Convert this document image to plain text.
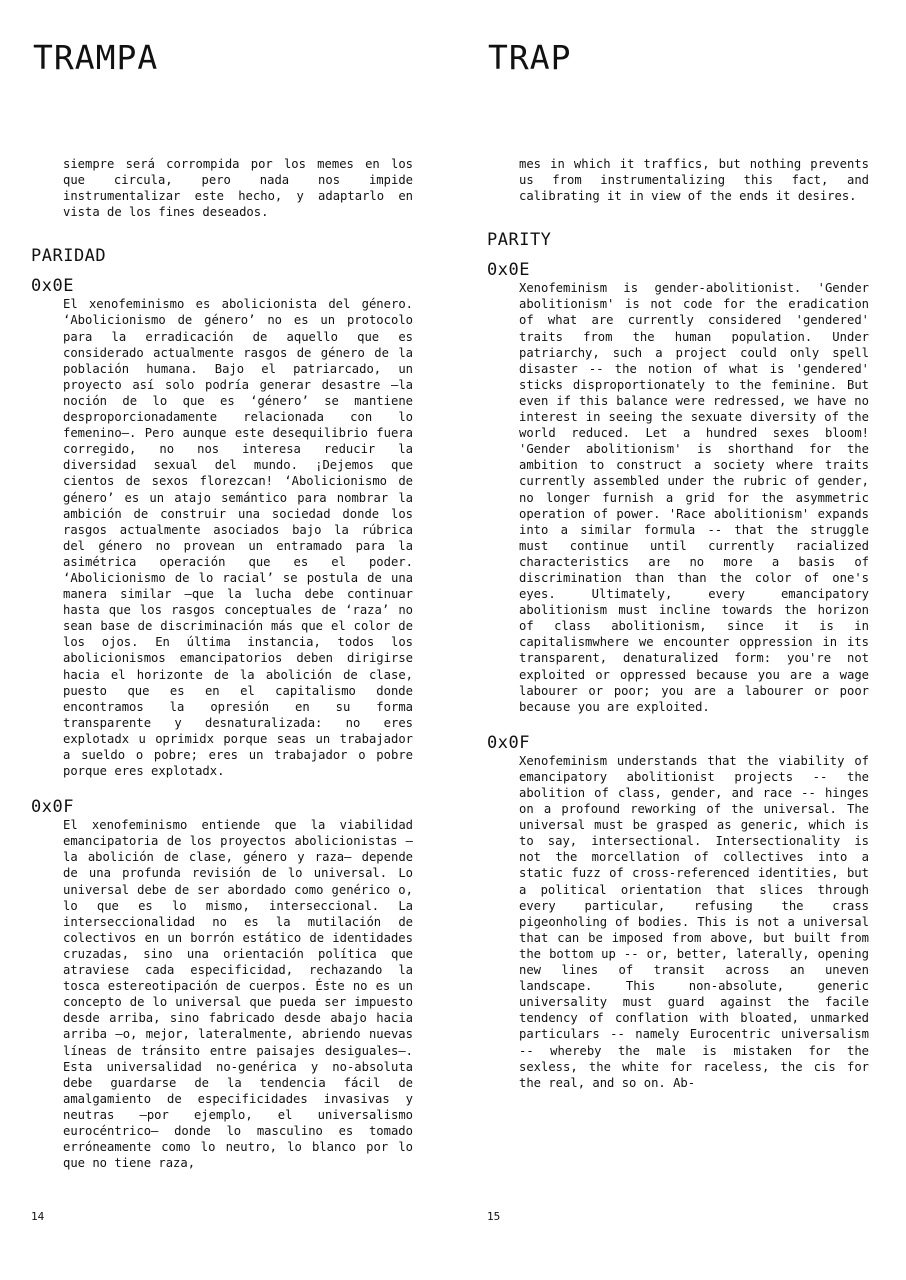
TRAMPA	TRAP

siempre será corrompida por los memes en los que circula, pero nada nos impide instrumentalizar este hecho, y adaptarlo en vista de los fines deseados.

PARIDAD
0x0E

El xenofeminismo es abolicionista del género. ‘Abolicionismo de género’ no es un protocolo para la erradicación de aquello que es considerado actualmente rasgos de género de la población humana. Bajo el patriarcado, un proyecto así solo podría generar desastre —la noción de lo que es ‘género’ se mantiene desproporcionadamente relacionada con lo femenino—. Pero aunque este desequilibrio fuera corregido, no nos interesa reducir la diversidad sexual del mundo. ¡Dejemos que cientos de sexos florezcan! ‘Abolicionismo de género’ es un atajo semántico para nombrar la ambición de construir una sociedad donde los rasgos actualmente asociados bajo la rúbrica del género no provean un entramado para la asimétrica operación que es el poder. ‘Abolicionismo de lo racial’ se postula de una manera similar —que la lucha debe continuar hasta que los rasgos conceptuales de ‘raza’ no sean base de discriminación más que el color de los ojos. En última instancia, todos los abolicionismos emancipatorios deben dirigirse hacia el horizonte de la abolición de clase, puesto que es en el capitalismo donde encontramos la opresión en su forma transparente y desnaturalizada: no eres explotadx u oprimidx porque seas un trabajador a sueldo o pobre; eres un trabajador o pobre porque eres explotadx.

0x0F

El xenofeminismo entiende que la viabilidad emancipatoria de los proyectos abolicionistas —la abolición de clase, género y raza— depende de una profunda revisión de lo universal. Lo universal debe de ser abordado como genérico o, lo que es lo mismo, interseccional. La interseccionalidad no es la mutilación de colectivos en un borrón estático de identidades cruzadas, sino una orientación política que atraviese cada especificidad, rechazando la tosca estereotipación de cuerpos. Éste no es un concepto de lo universal que pueda ser impuesto desde arriba, sino fabricado desde abajo hacia arriba —o, mejor, lateralmente, abriendo nuevas líneas de tránsito entre paisajes desiguales—. Esta universalidad no-genérica y no-absoluta debe guardarse de la tendencia fácil de amalgamiento de especificidades invasivas y neutras —por ejemplo, el universalismo eurocéntrico— donde lo masculino es tomado erróneamente como lo neutro, lo blanco por lo que no tiene raza,

mes in which it traffics, but nothing prevents us from instrumentalizing this fact, and calibrating it in view of the ends it desires.

PARITY
0x0E

Xenofeminism is gender-abolitionist. 'Gender abolitionism' is not code for the eradication of what are currently considered 'gendered' traits from the human population. Under patriarchy, such a project could only spell disaster -- the notion of what is 'gendered' sticks disproportionately to the feminine. But even if this balance were redressed, we have no interest in seeing the sexuate diversity of the world reduced. Let a hundred sexes bloom! 'Gender abolitionism' is shorthand for the ambition to construct a society where traits currently assembled under the rubric of gender, no longer furnish a grid for the asymmetric operation of power. 'Race abolitionism' expands into a similar formula -- that the struggle must continue until currently racialized characteristics are no more a basis of discrimination than than the color of one's eyes. Ultimately, every emancipatory abolitionism must incline towards the horizon of class abolitionism, since it is in capitalismwhere we encounter oppression in its transparent, denaturalized form: you're not exploited or oppressed because you are a wage labourer or poor; you are a labourer or poor because you are exploited.

0x0F

Xenofeminism understands that the viability of emancipatory abolitionist projects -- the abolition of class, gender, and race -- hinges on a profound reworking of the universal. The universal must be grasped as generic, which is to say, intersectional. Intersectionality is not the morcellation of collectives into a static fuzz of cross-referenced identities, but a political orientation that slices through every particular, refusing the crass pigeonholing of bodies. This is not a universal that can be imposed from above, but built from the bottom up -- or, better, laterally, opening new lines of transit across an uneven landscape. This non-absolute, generic universality must guard against the facile tendency of conflation with bloated, unmarked particulars -- namely Eurocentric universalism -- whereby the male is mistaken for the sexless, the white for raceless, the cis for the real, and so on. Ab-

14	15
